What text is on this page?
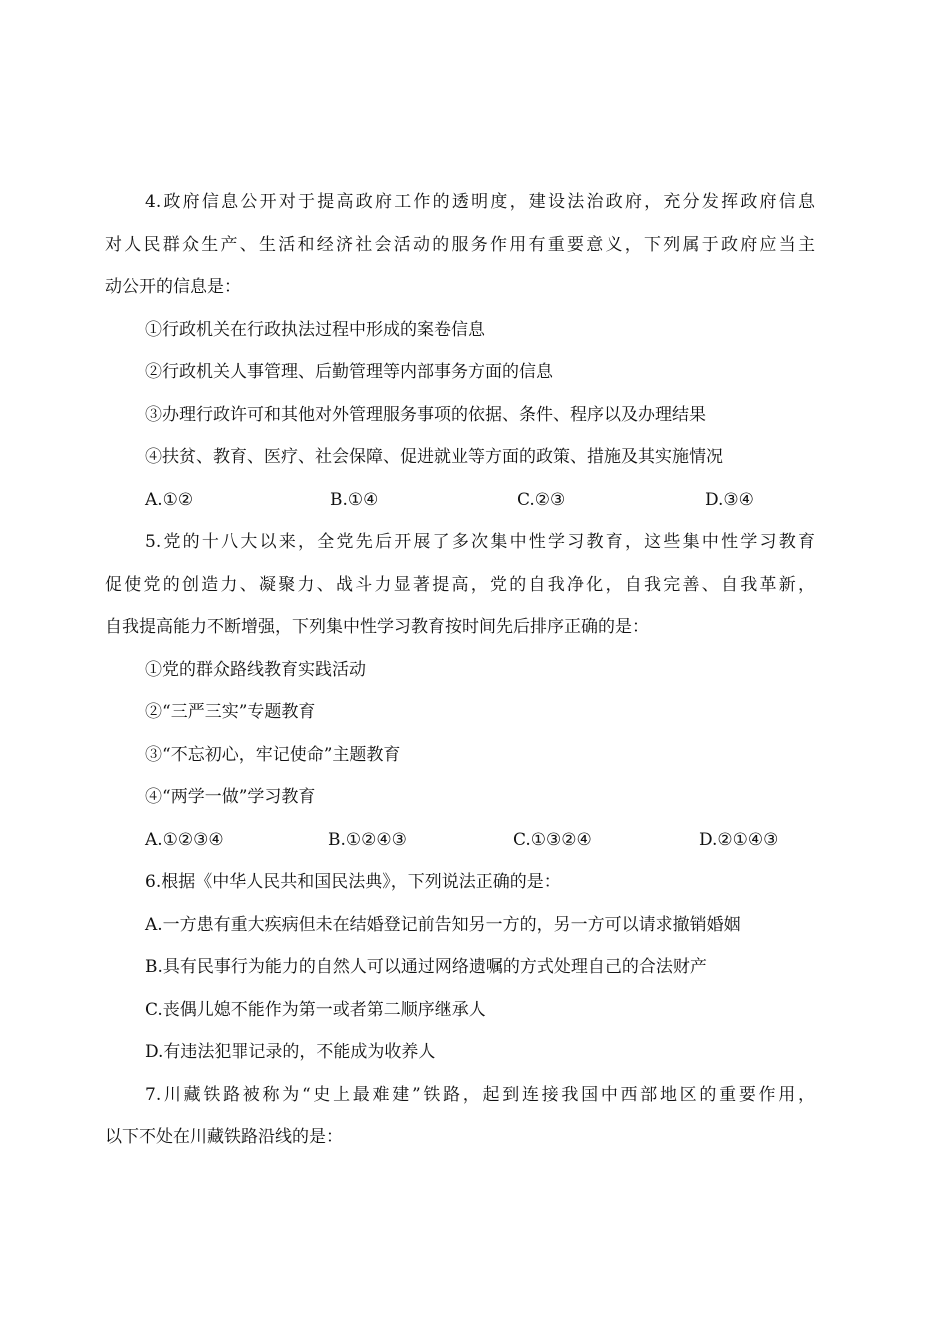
4.政府信息公开对于提高政府工作的透明度，建设法治政府，充分发挥政府信息
对人民群众生产、生活和经济社会活动的服务作用有重要意义，下列属于政府应当主
动公开的信息是：
①行政机关在行政执法过程中形成的案卷信息
②行政机关人事管理、后勤管理等内部事务方面的信息
③办理行政许可和其他对外管理服务事项的依据、条件、程序以及办理结果
④扶贫、教育、医疗、社会保障、促进就业等方面的政策、措施及其实施情况
A.①②	B.①④	C.②③	D.③④
5.党的十八大以来，全党先后开展了多次集中性学习教育，这些集中性学习教育
促使党的创造力、凝聚力、战斗力显著提高，党的自我净化，自我完善、自我革新，
自我提高能力不断增强，下列集中性学习教育按时间先后排序正确的是：
①党的群众路线教育实践活动
②“三严三实”专题教育
③“不忘初心，牢记使命”主题教育
④“两学一做”学习教育
A.①②③④	B.①②④③	C.①③②④	D.②①④③
6.根据《中华人民共和国民法典》，下列说法正确的是：
A.一方患有重大疾病但未在结婚登记前告知另一方的，另一方可以请求撤销婚姻
B.具有民事行为能力的自然人可以通过网络遗嘱的方式处理自己的合法财产
C.丧偶儿媳不能作为第一或者第二顺序继承人
D.有违法犯罪记录的，不能成为收养人
7.川藏铁路被称为“史上最难建”铁路，起到连接我国中西部地区的重要作用，
以下不处在川藏铁路沿线的是：
